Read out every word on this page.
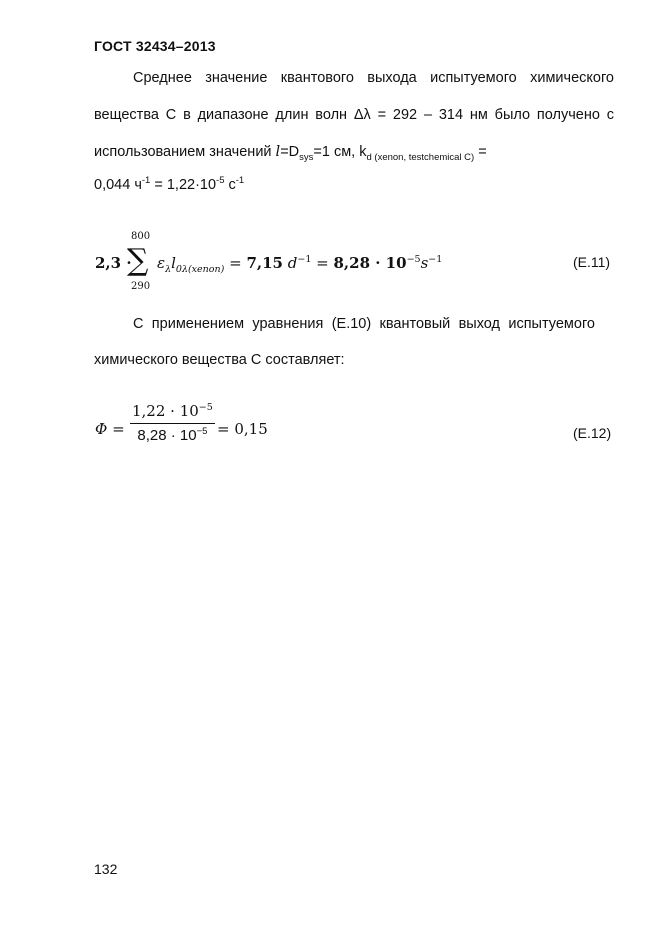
ГОСТ 32434–2013
Среднее значение квантового выхода испытуемого химического
вещества С в диапазоне длин волн Δλ = 292 – 314 нм было получено с
использованием значений $l=D_{sys}=1$ см, $k_{d (xenon, testchemical C)}$ =
0,044 $ч^{-1} = 1,22\cdot 10^{-5}$ $с^{-1}$
2,3 ·
800
∑
290
$\varepsilon_\lambda l_{0\lambda(xenon)} = 7,15$ $d^{-1} = 8,28 \cdot 10^{-5}s^{-1}$	(E.11)
С применением уравнения (E.10) квантовый выход испытуемого
химического вещества С составляет:
Φ =
$1,22 \cdot 10^{-5}$
$8,28 \cdot 10^{-5} = 0,15$	(E.12)
132
